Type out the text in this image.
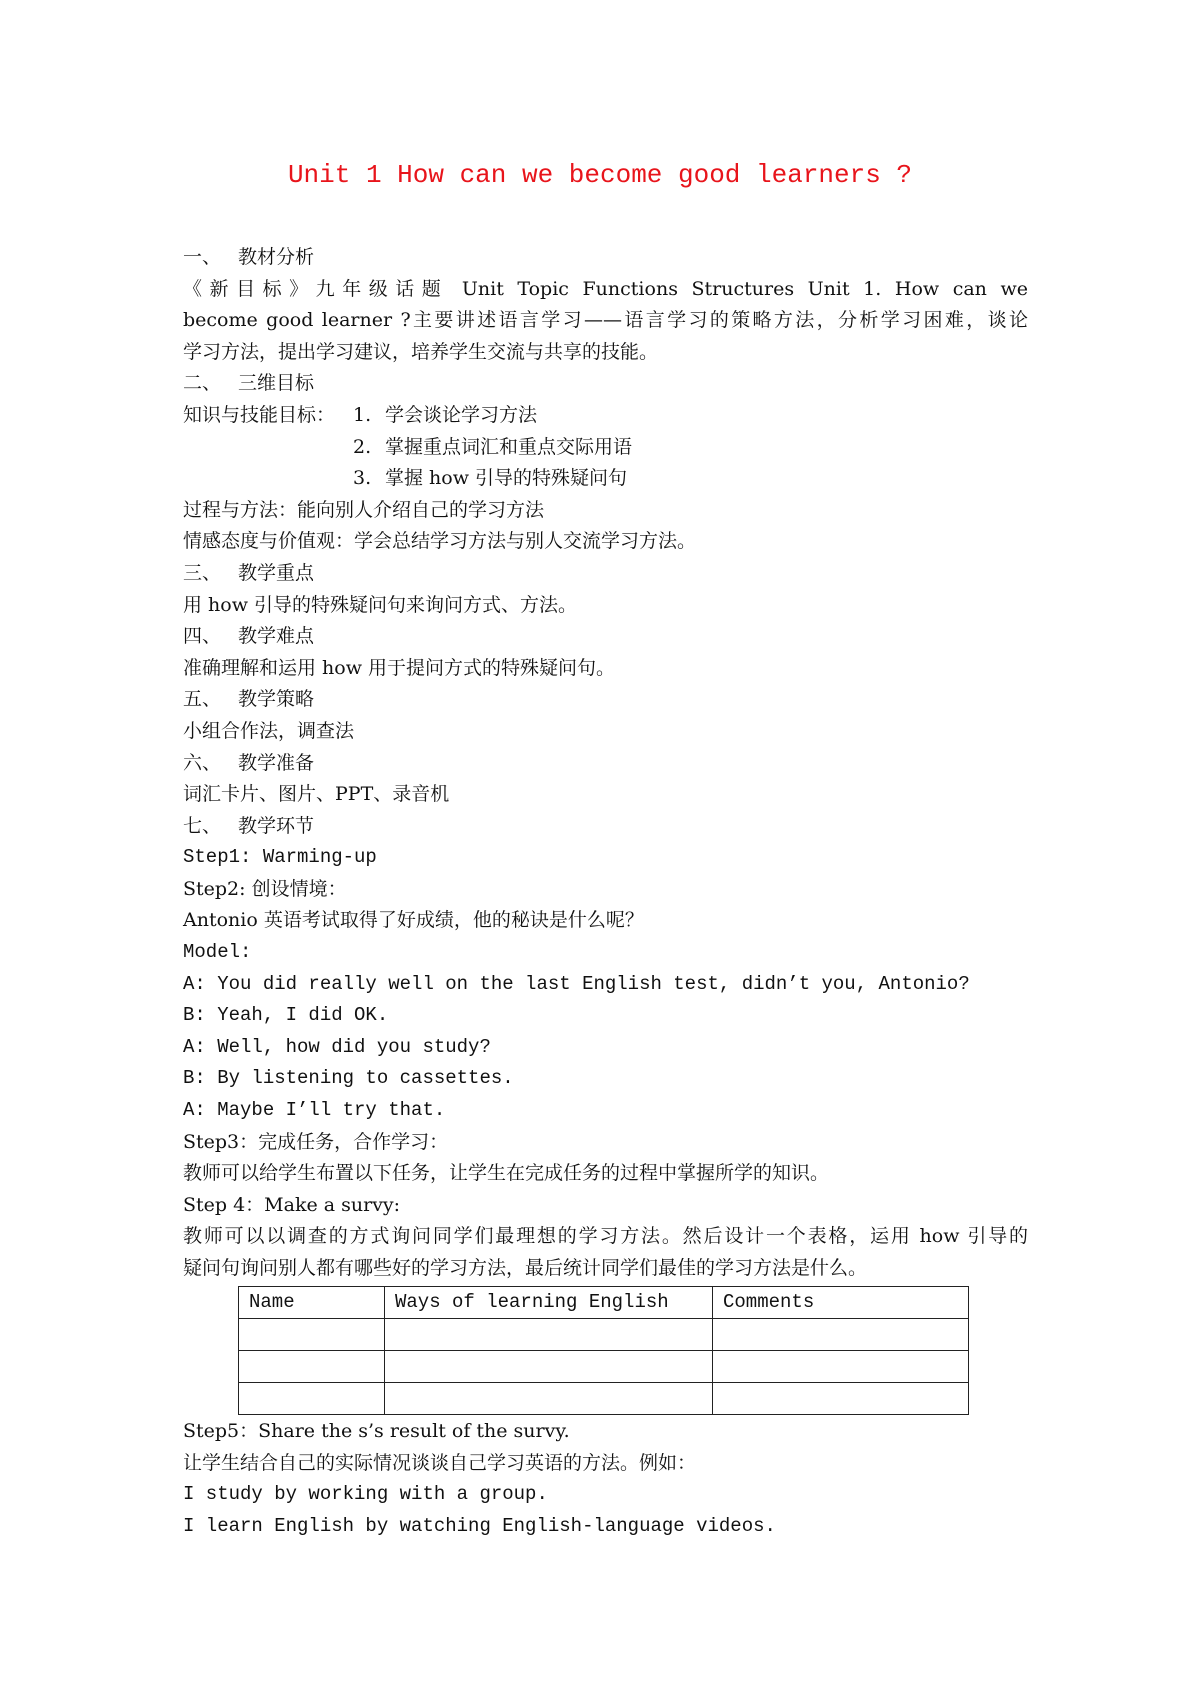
Unit 1 How can we become good learners ?

一、 教材分析

《新目标》九年级话题 Unit Topic Functions Structures Unit 1. How can we

become good learner ?主要讲述语言学习——语言学习的策略方法，分析学习困难，谈论

学习方法，提出学习建议，培养学生交流与共享的技能。

二、 三维目标

知识与技能目标： 1. 学会谈论学习方法

2. 掌握重点词汇和重点交际用语

3. 掌握 how 引导的特殊疑问句

过程与方法：能向别人介绍自己的学习方法

情感态度与价值观：学会总结学习方法与别人交流学习方法。

三、 教学重点

用 how 引导的特殊疑问句来询问方式、方法。

四、 教学难点

准确理解和运用 how 用于提问方式的特殊疑问句。

五、 教学策略

小组合作法，调查法

六、 教学准备

词汇卡片、图片、PPT、录音机

七、 教学环节

Step1: Warming-up

Step2: 创设情境：

Antonio 英语考试取得了好成绩，他的秘诀是什么呢？

Model:

A: You did really well on the last English test, didn’t you, Antonio?

B: Yeah, I did OK.

A: Well, how did you study?

B: By listening to cassettes.

A: Maybe I’ll try that.

Step3：完成任务，合作学习：

教师可以给学生布置以下任务，让学生在完成任务的过程中掌握所学的知识。

Step 4：Make a survy:

教师可以以调查的方式询问同学们最理想的学习方法。然后设计一个表格，运用 how 引导的

疑问句询问别人都有哪些好的学习方法，最后统计同学们最佳的学习方法是什么。

Name	Ways of learning English	Comments

Step5：Share the s’s result of the survy.

让学生结合自己的实际情况谈谈自己学习英语的方法。例如：

I study by working with a group.

I learn English by watching English-language videos.
